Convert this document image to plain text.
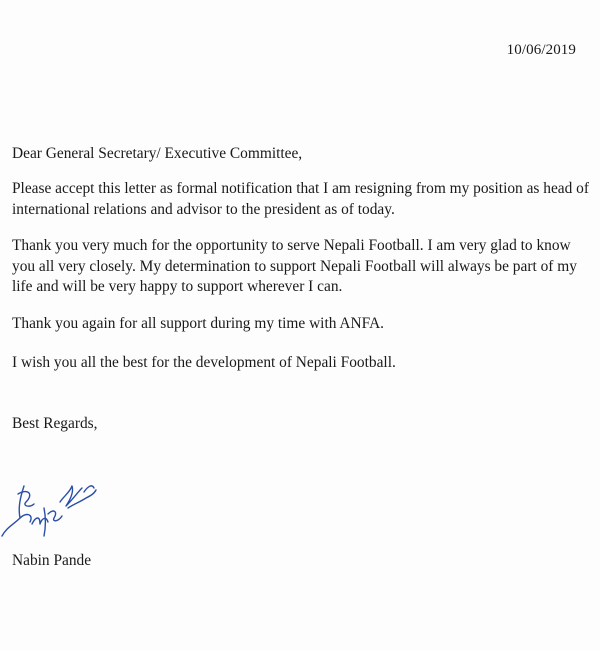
10/06/2019

Dear General Secretary/ Executive Committee,

Please accept this letter as formal notification that I am resigning from my position as head of international relations and advisor to the president as of today.

Thank you very much for the opportunity to serve Nepali Football. I am very glad to know you all very closely. My determination to support Nepali Football will always be part of my life and will be very happy to support wherever I can.

Thank you again for all support during my time with ANFA.

I wish you all the best for the development of Nepali Football.

Best Regards,

Nabin Pande
